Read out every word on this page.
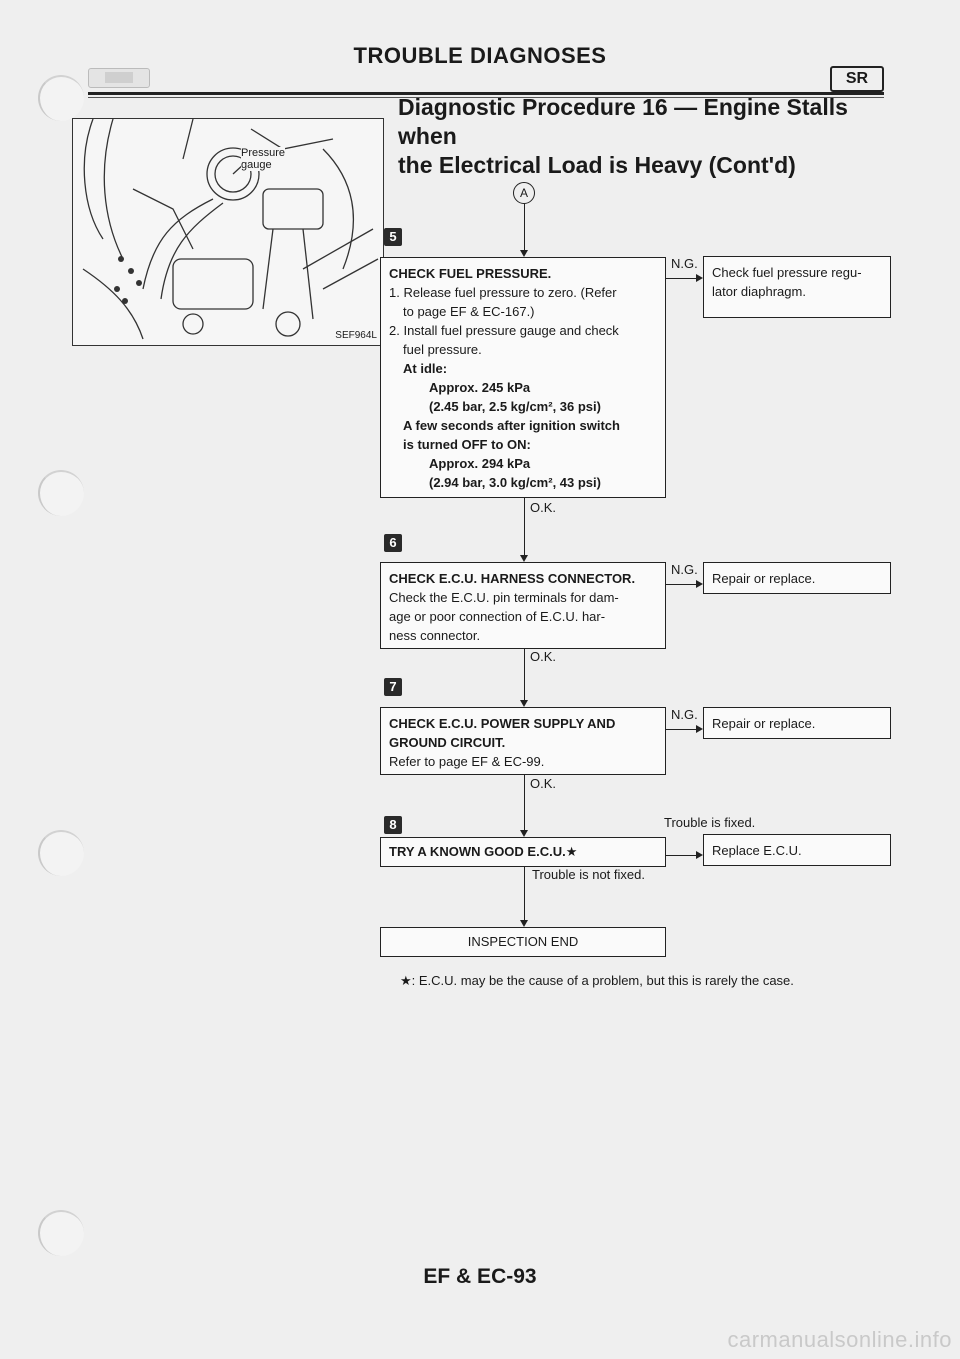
TROUBLE DIAGNOSES
SR
Diagnostic Procedure 16 — Engine Stalls when
the Electrical Load is Heavy (Cont'd)
Pressure
gauge
SEF964L
A
5
CHECK FUEL PRESSURE.
1. Release fuel pressure to zero. (Refer
to page EF & EC-167.)
2. Install fuel pressure gauge and check
fuel pressure.
At idle:
Approx. 245 kPa
(2.45 bar, 2.5 kg/cm², 36 psi)
A few seconds after ignition switch
is turned OFF to ON:
Approx. 294 kPa
(2.94 bar, 3.0 kg/cm², 43 psi)
N.G.
Check fuel pressure regu-
lator diaphragm.
O.K.
6
CHECK E.C.U. HARNESS CONNECTOR.
Check the E.C.U. pin terminals for dam-
age or poor connection of E.C.U. har-
ness connector.
N.G.
Repair or replace.
O.K.
7
CHECK E.C.U. POWER SUPPLY AND
GROUND CIRCUIT.
Refer to page EF & EC-99.
N.G.
Repair or replace.
O.K.
8	Trouble is fixed.
TRY A KNOWN GOOD E.C.U.★	Replace E.C.U.
Trouble is not fixed.
INSPECTION END
★: E.C.U. may be the cause of a problem, but this is rarely the case.
EF & EC-93
carmanualsonline.info
